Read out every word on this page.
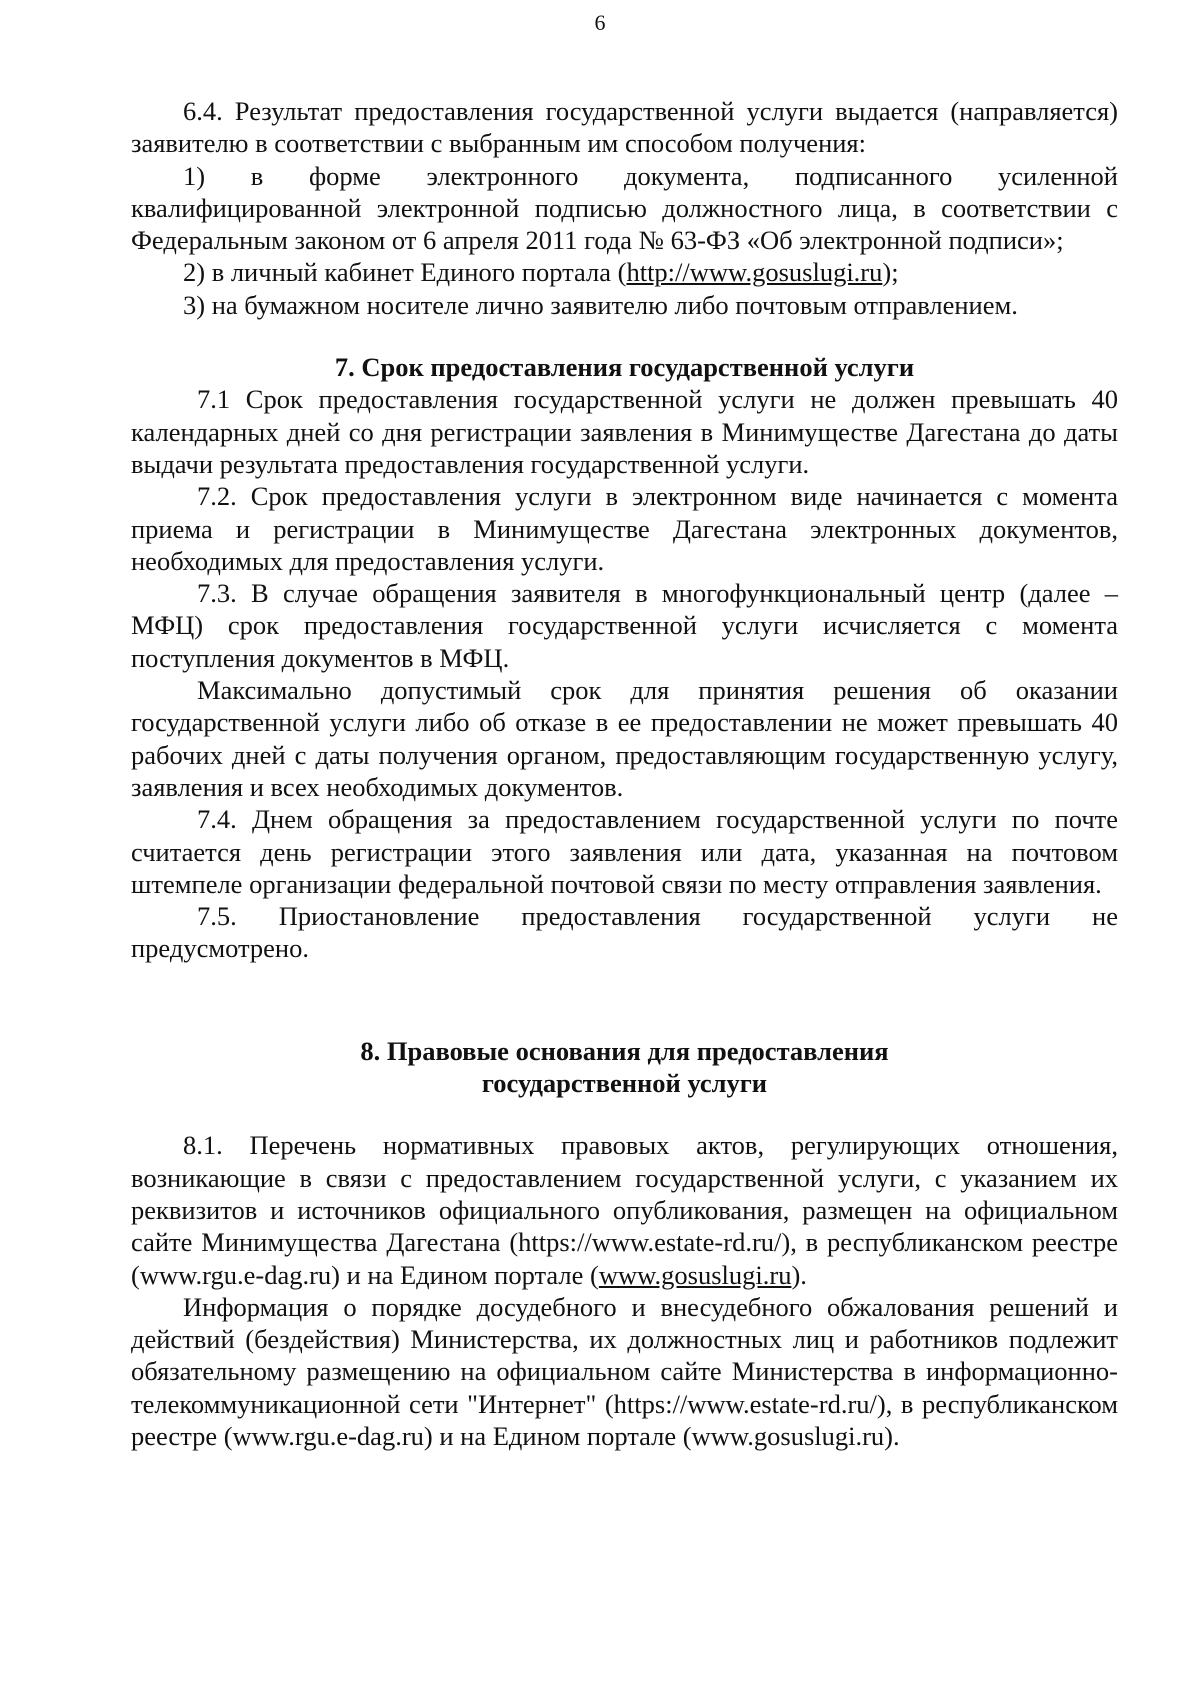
6

6.4. Результат предоставления государственной услуги выдается (направляется) заявителю в соответствии с выбранным им способом получения:

1) в форме электронного документа, подписанного усиленной квалифицированной электронной подписью должностного лица, в соответствии с Федеральным законом от 6 апреля 2011 года № 63-ФЗ «Об электронной подписи»;

2) в личный кабинет Единого портала (http://www.gosuslugi.ru);

3) на бумажном носителе лично заявителю либо почтовым отправлением.

7. Срок предоставления государственной услуги

7.1 Срок предоставления государственной услуги не должен превышать 40 календарных дней со дня регистрации заявления в Минимуществе Дагестана до даты выдачи результата предоставления государственной услуги.

7.2. Срок предоставления услуги в электронном виде начинается с момента приема и регистрации в Минимуществе Дагестана электронных документов, необходимых для предоставления услуги.

7.3. В случае обращения заявителя в многофункциональный центр (далее – МФЦ) срок предоставления государственной услуги исчисляется с момента поступления документов в МФЦ.

Максимально допустимый срок для принятия решения об оказании государственной услуги либо об отказе в ее предоставлении не может превышать 40 рабочих дней с даты получения органом, предоставляющим государственную услугу, заявления и всех необходимых документов.

7.4. Днем обращения за предоставлением государственной услуги по почте считается день регистрации этого заявления или дата, указанная на почтовом штемпеле организации федеральной почтовой связи по месту отправления заявления.

7.5. Приостановление предоставления государственной услуги не предусмотрено.

8. Правовые основания для предоставления

государственной услуги

8.1. Перечень нормативных правовых актов, регулирующих отношения, возникающие в связи с предоставлением государственной услуги, с указанием их реквизитов и источников официального опубликования, размещен на официальном сайте Минимущества Дагестана (https://www.estate-rd.ru/), в республиканском реестре (www.rgu.e-dag.ru) и на Едином портале (www.gosuslugi.ru).

Информация о порядке досудебного и внесудебного обжалования решений и действий (бездействия) Министерства, их должностных лиц и работников подлежит обязательному размещению на официальном сайте Министерства в информационно-телекоммуникационной сети "Интернет" (https://www.estate-rd.ru/), в республиканском реестре (www.rgu.e-dag.ru) и на Едином портале (www.gosuslugi.ru).
